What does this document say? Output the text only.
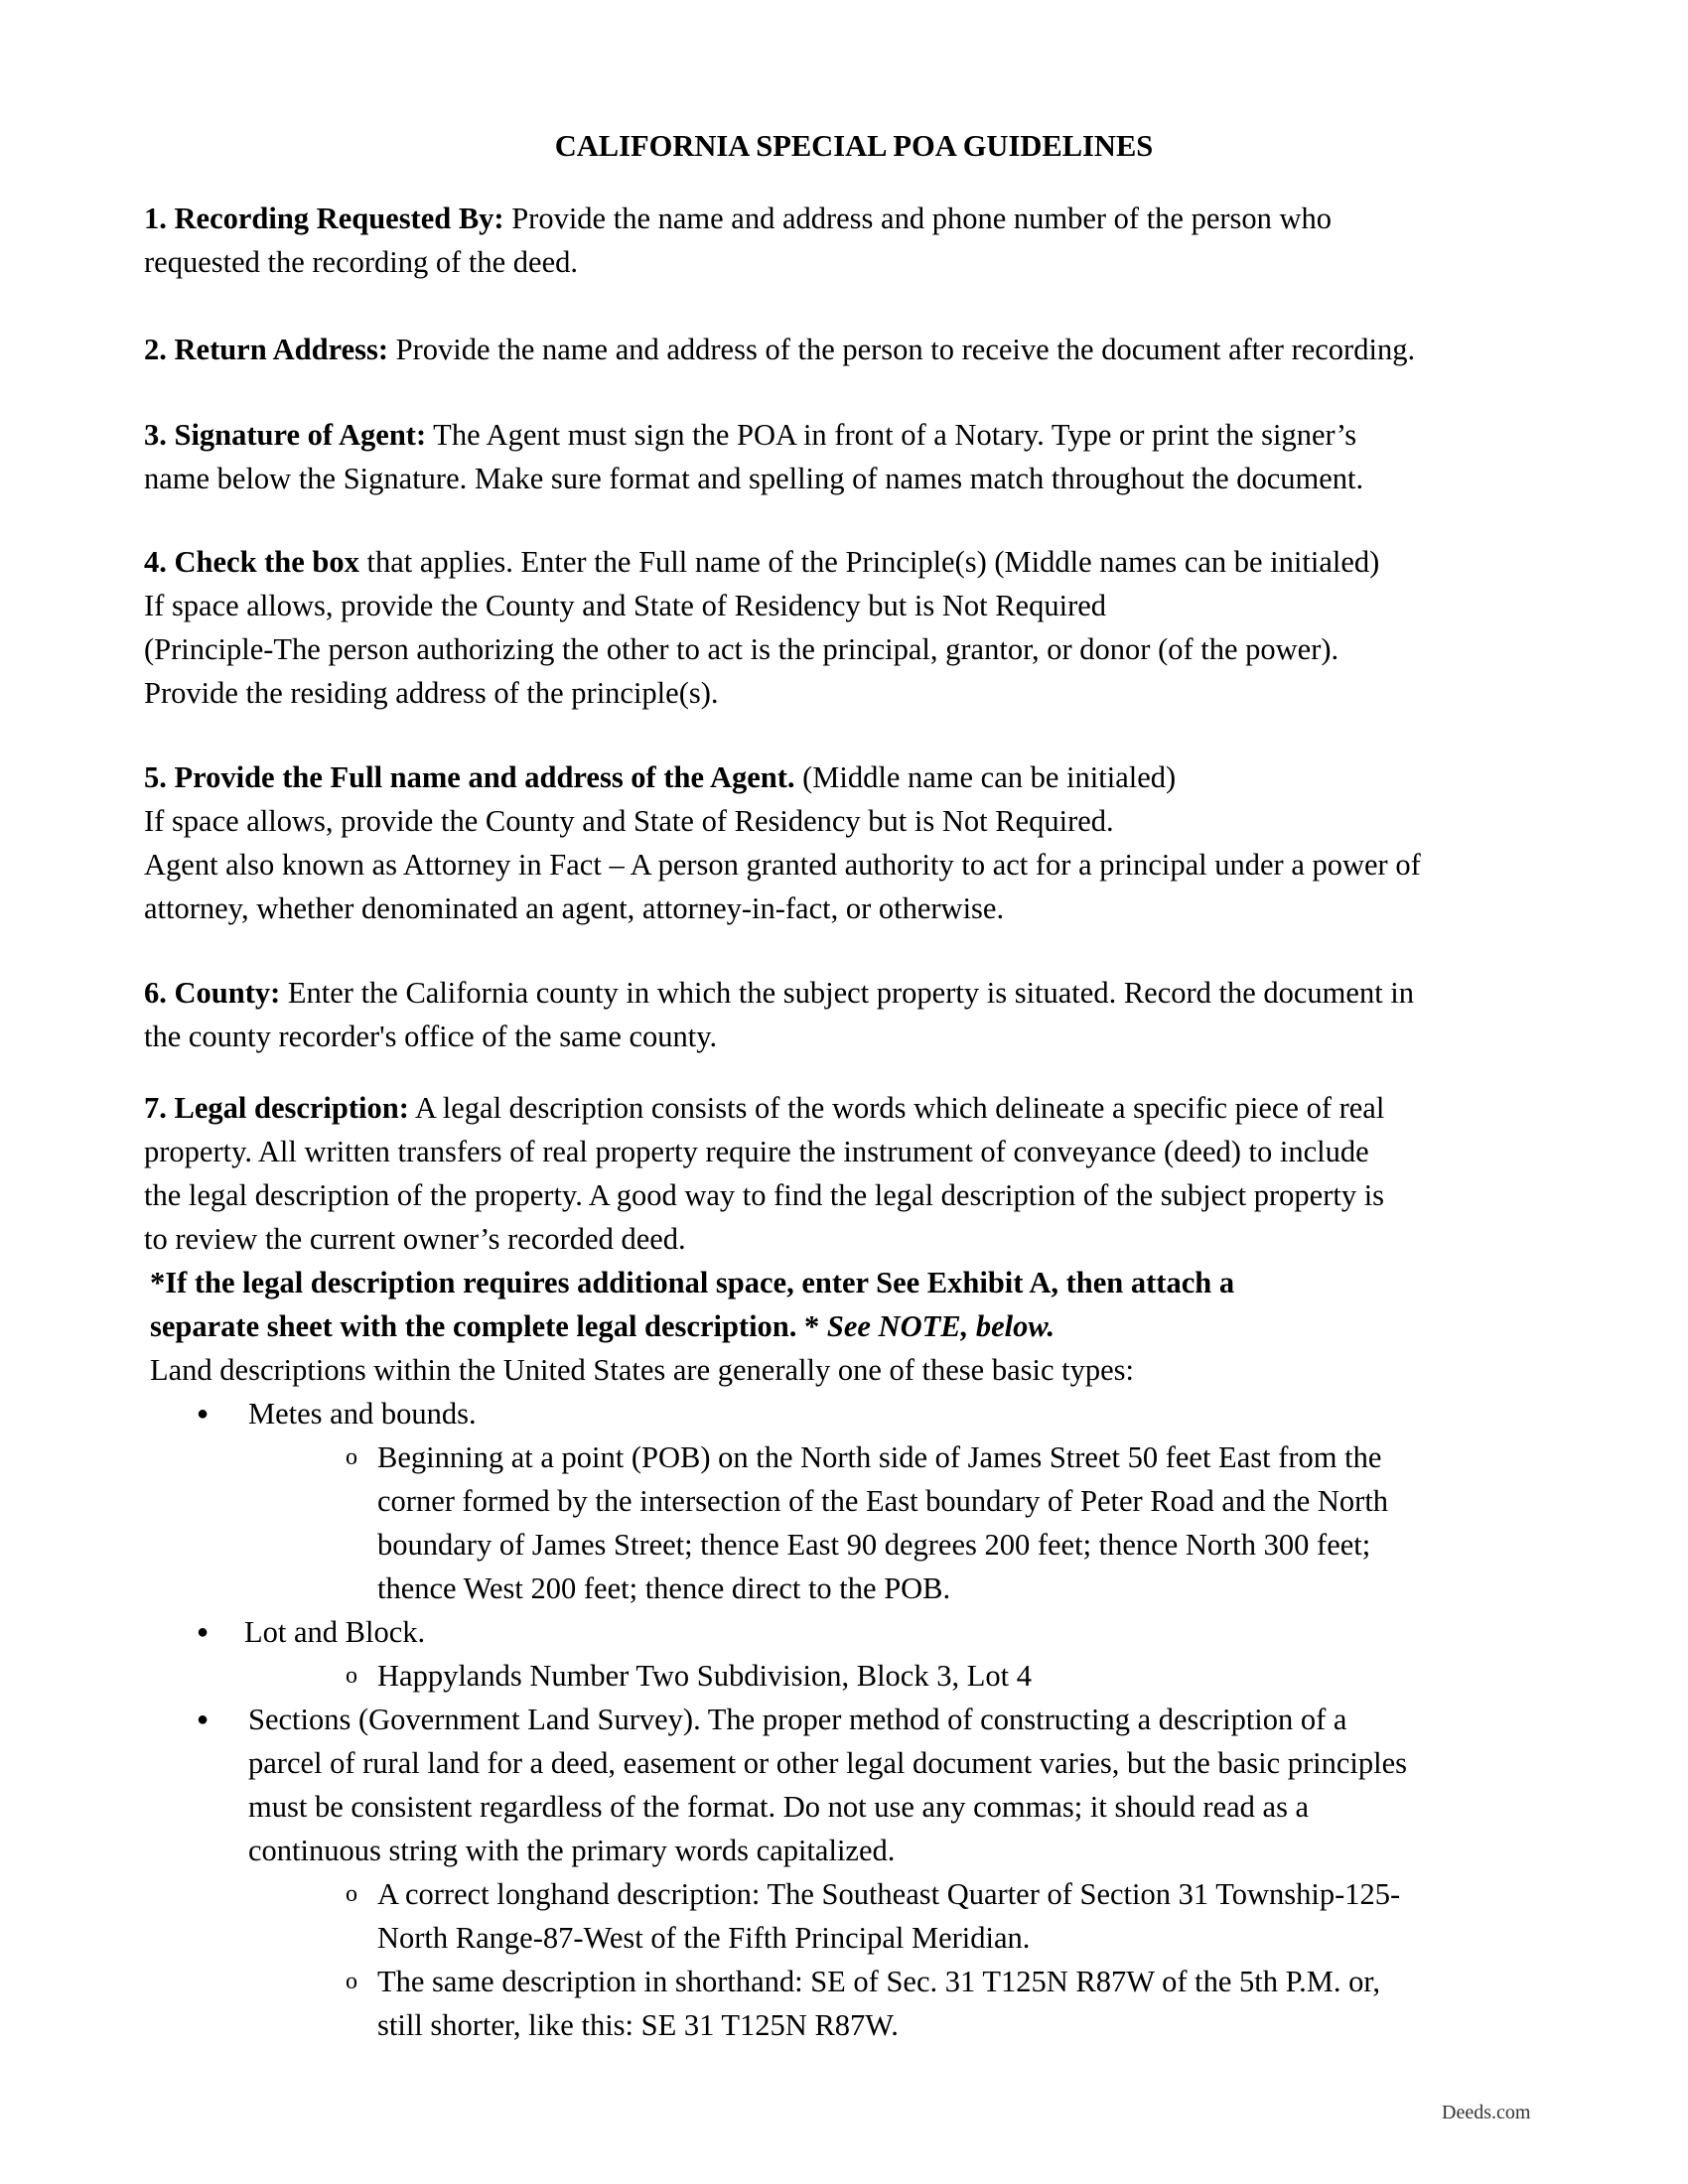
CALIFORNIA SPECIAL POA GUIDELINES
1. Recording Requested By: Provide the name and address and phone number of the person who
requested the recording of the deed.
2. Return Address: Provide the name and address of the person to receive the document after recording.
3. Signature of Agent: The Agent must sign the POA in front of a Notary. Type or print the signer’s
name below the Signature. Make sure format and spelling of names match throughout the document.
4. Check the box that applies. Enter the Full name of the Principle(s) (Middle names can be initialed)
If space allows, provide the County and State of Residency but is Not Required
(Principle-The person authorizing the other to act is the principal, grantor, or donor (of the power).
Provide the residing address of the principle(s).
5. Provide the Full name and address of the Agent. (Middle name can be initialed)
If space allows, provide the County and State of Residency but is Not Required.
Agent also known as Attorney in Fact – A person granted authority to act for a principal under a power of
attorney, whether denominated an agent, attorney-in-fact, or otherwise.
6. County: Enter the California county in which the subject property is situated. Record the document in
the county recorder's office of the same county.
7. Legal description: A legal description consists of the words which delineate a specific piece of real
property. All written transfers of real property require the instrument of conveyance (deed) to include
the legal description of the property. A good way to find the legal description of the subject property is
to review the current owner’s recorded deed.
*If the legal description requires additional space, enter See Exhibit A, then attach a
separate sheet with the complete legal description. * See NOTE, below.
Land descriptions within the United States are generally one of these basic types:
● Metes and bounds.
o Beginning at a point (POB) on the North side of James Street 50 feet East from the
corner formed by the intersection of the East boundary of Peter Road and the North
boundary of James Street; thence East 90 degrees 200 feet; thence North 300 feet;
thence West 200 feet; thence direct to the POB.
● Lot and Block.
o Happylands Number Two Subdivision, Block 3, Lot 4
● Sections (Government Land Survey). The proper method of constructing a description of a
parcel of rural land for a deed, easement or other legal document varies, but the basic principles
must be consistent regardless of the format. Do not use any commas; it should read as a
continuous string with the primary words capitalized.
o A correct longhand description: The Southeast Quarter of Section 31 Township-125-
North Range-87-West of the Fifth Principal Meridian.
o The same description in shorthand: SE of Sec. 31 T125N R87W of the 5th P.M. or,
still shorter, like this: SE 31 T125N R87W.
Deeds.com
